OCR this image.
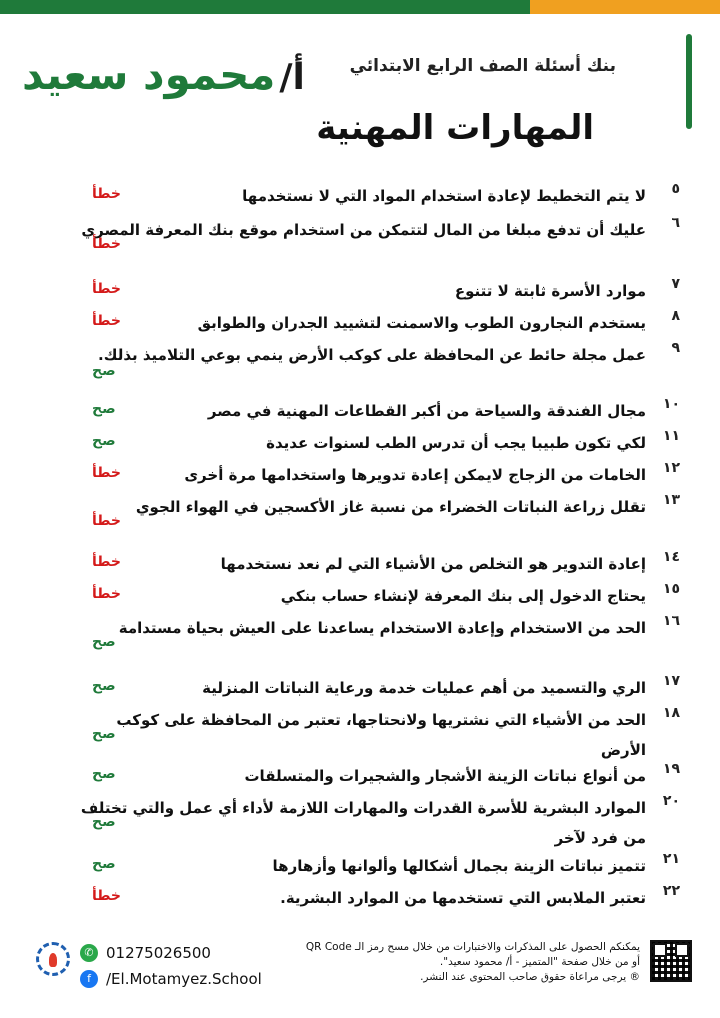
بنك أسئلة الصف الرابع الابتدائي
المهارات المهنية
أ/محمود سعيد
٥
لا يتم التخطيط لإعادة استخدام المواد التي لا نستخدمها
خطأ
٦
عليك أن تدفع مبلغا من المال لتتمكن من استخدام موقع بنك المعرفة المصري
خطأ
٧
موارد الأسرة ثابتة لا تتنوع
خطأ
٨
يستخدم النجارون الطوب والاسمنت لتشييد الجدران والطوابق
خطأ
٩
عمل مجلة حائط عن المحافظة على كوكب الأرض ينمي بوعي التلاميذ بذلك.
صح
١٠
مجال الفندقة والسياحة من أكبر القطاعات المهنية في مصر
صح
١١
لكي تكون طبيبا يجب أن تدرس الطب لسنوات عديدة
صح
١٢
الخامات من الزجاج لايمكن إعادة تدويرها واستخدامها مرة أخرى
خطأ
١٣
تقلل زراعة النباتات الخضراء من نسبة غاز الأكسجين في الهواء الجوي
خطأ
١٤
إعادة التدوير هو التخلص من الأشياء التي لم نعد نستخدمها
خطأ
١٥
يحتاج الدخول إلى بنك المعرفة لإنشاء حساب بنكي
خطأ
١٦
الحد من الاستخدام وإعادة الاستخدام يساعدنا على العيش بحياة مستدامة
صح
١٧
الري والتسميد من أهم عمليات خدمة ورعاية النباتات المنزلية
صح
١٨
الحد من الأشياء التي نشتريها ولانحتاجها، تعتبر من المحافظة على كوكب الأرض
صح
١٩
من أنواع نباتات الزينة الأشجار والشجيرات والمتسلقات
صح
٢٠
الموارد البشرية للأسرة القدرات والمهارات اللازمة لأداء أي عمل والتي تختلف من فرد لآخر
صح
٢١
تتميز نباتات الزينة بجمال أشكالها وألوانها وأزهارها
صح
٢٢
تعتبر الملابس التي تستخدمها من الموارد البشرية.
خطأ
✆ 01275026500
f	/El.Motamyez.School
يمكنكم الحصول على المذكرات والاختبارات من خلال مسح رمز الـ QR Code
أو من خلال صفحة "المتميز - أ/ محمود سعيد".
® يرجى مراعاة حقوق صاحب المحتوى عند النشر.
